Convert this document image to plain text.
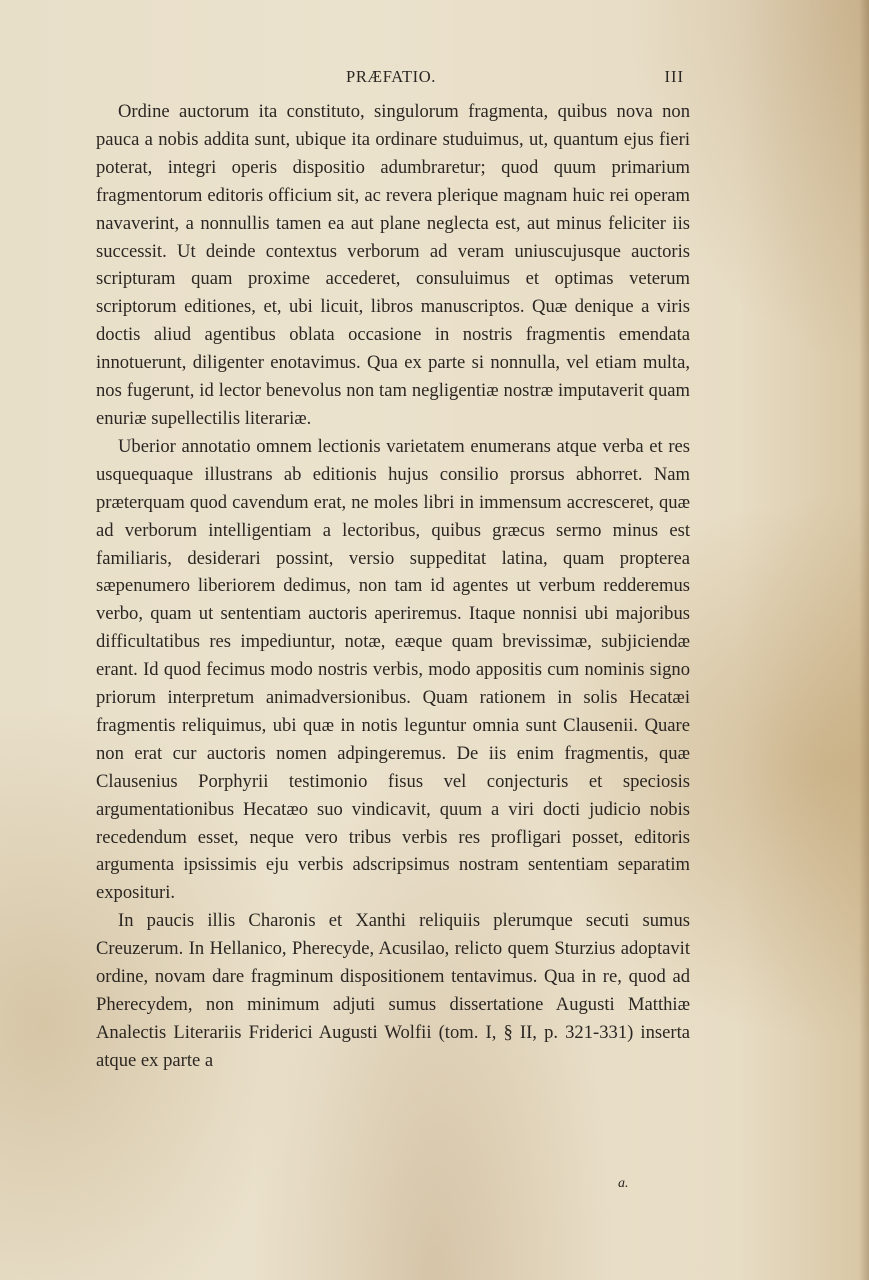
PRÆFATIO.	III

Ordine auctorum ita constituto, singulorum fragmenta, quibus nova non pauca a nobis addita sunt, ubique ita ordinare studuimus, ut, quantum ejus fieri poterat, integri operis dispositio adumbraretur; quod quum primarium fragmentorum editoris officium sit, ac revera plerique magnam huic rei operam navaverint, a nonnullis tamen ea aut plane neglecta est, aut minus feliciter iis successit. Ut deinde contextus verborum ad veram uniuscujusque auctoris scripturam quam proxime accederet, consuluimus et optimas veterum scriptorum editiones, et, ubi licuit, libros manuscriptos. Quæ denique a viris doctis aliud agentibus oblata occasione in nostris fragmentis emendata innotuerunt, diligenter enotavimus. Qua ex parte si nonnulla, vel etiam multa, nos fugerunt, id lector benevolus non tam negligentiæ nostræ imputaverit quam enuriæ supellectilis literariæ.

Uberior annotatio omnem lectionis varietatem enumerans atque verba et res usquequaque illustrans ab editionis hujus consilio prorsus abhorret. Nam præterquam quod cavendum erat, ne moles libri in immensum accresceret, quæ ad verborum intelligentiam a lectoribus, quibus græcus sermo minus est familiaris, desiderari possint, versio suppeditat latina, quam propterea sæpenumero liberiorem dedimus, non tam id agentes ut verbum redderemus verbo, quam ut sententiam auctoris aperiremus. Itaque nonnisi ubi majoribus difficultatibus res impediuntur, notæ, eæque quam brevissimæ, subjiciendæ erant. Id quod fecimus modo nostris verbis, modo appositis cum nominis signo priorum interpretum animadversionibus. Quam rationem in solis Hecatæi fragmentis reliquimus, ubi quæ in notis leguntur omnia sunt Clausenii. Quare non erat cur auctoris nomen adpingeremus. De iis enim fragmentis, quæ Clausenius Porphyrii testimonio fisus vel conjecturis et speciosis argumentationibus Hecatæo suo vindicavit, quum a viri docti judicio nobis recedendum esset, neque vero tribus verbis res profligari posset, editoris argumenta ipsissimis eju verbis adscripsimus nostram sententiam separatim expositurі.

In paucis illis Charonis et Xanthi reliquiis plerumque secuti sumus Creuzerum. In Hellanico, Pherecyde, Acusilao, relicto quem Sturzius adoptavit ordine, novam dare fragminum dispositionem tentavimus. Qua in re, quod ad Pherecydem, non minimum adjuti sumus dissertatione Augusti Matthiæ Analectis Literariis Friderici Augusti Wolfii (tom. I, § II, p. 321-331) inserta atque ex parte a

a.
